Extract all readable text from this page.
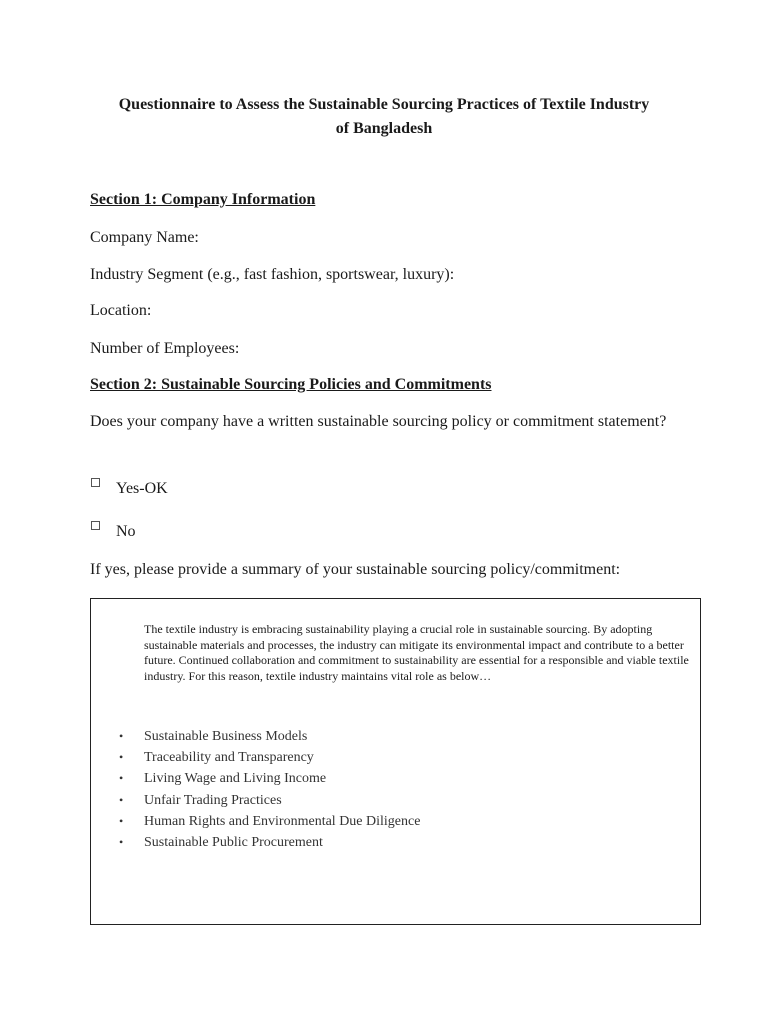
Questionnaire to Assess the Sustainable Sourcing Practices of Textile Industry
of Bangladesh
Section 1: Company Information
Company Name:
Industry Segment (e.g., fast fashion, sportswear, luxury):
Location:
Number of Employees:
Section 2: Sustainable Sourcing Policies and Commitments
Does your company have a written sustainable sourcing policy or commitment statement?
Yes-OK
No
If yes, please provide a summary of your sustainable sourcing policy/commitment:
The textile industry is embracing sustainability playing a crucial role in sustainable sourcing. By adopting sustainable materials and processes, the industry can mitigate its environmental impact and contribute to a better future. Continued collaboration and commitment to sustainability are essential for a responsible and viable textile industry. For this reason, textile industry maintains vital role as below…
• Sustainable Business Models
• Traceability and Transparency
• Living Wage and Living Income
• Unfair Trading Practices
• Human Rights and Environmental Due Diligence
• Sustainable Public Procurement
